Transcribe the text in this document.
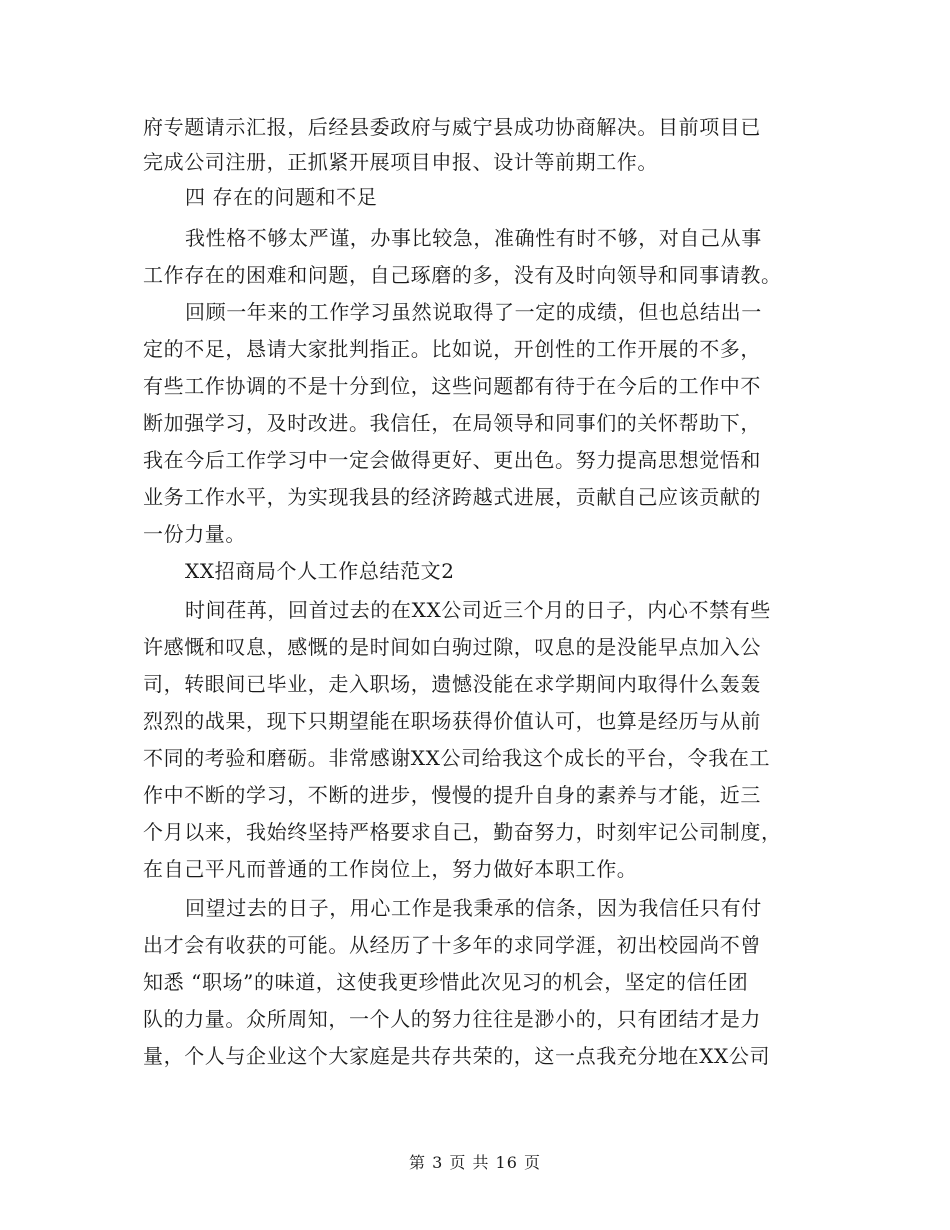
府专题请示汇报，后经县委政府与威宁县成功协商解决。目前项目已
完成公司注册，正抓紧开展项目申报、设计等前期工作。
四 存在的问题和不足
我性格不够太严谨，办事比较急，准确性有时不够，对自己从事
工作存在的困难和问题，自己琢磨的多，没有及时向领导和同事请教。
回顾一年来的工作学习虽然说取得了一定的成绩，但也总结出一
定的不足，恳请大家批判指正。比如说，开创性的工作开展的不多，
有些工作协调的不是十分到位，这些问题都有待于在今后的工作中不
断加强学习，及时改进。我信任，在局领导和同事们的关怀帮助下，
我在今后工作学习中一定会做得更好、更出色。努力提高思想觉悟和
业务工作水平，为实现我县的经济跨越式进展，贡献自己应该贡献的
一份力量。
XX招商局个人工作总结范文2
时间荏苒，回首过去的在XX公司近三个月的日子，内心不禁有些
许感慨和叹息，感慨的是时间如白驹过隙，叹息的是没能早点加入公
司，转眼间已毕业，走入职场，遗憾没能在求学期间内取得什么轰轰
烈烈的战果，现下只期望能在职场获得价值认可，也算是经历与从前
不同的考验和磨砺。非常感谢XX公司给我这个成长的平台，令我在工
作中不断的学习，不断的进步，慢慢的提升自身的素养与才能，近三
个月以来，我始终坚持严格要求自己，勤奋努力，时刻牢记公司制度，
在自己平凡而普通的工作岗位上，努力做好本职工作。
回望过去的日子，用心工作是我秉承的信条，因为我信任只有付
出才会有收获的可能。从经历了十多年的求同学涯，初出校园尚不曾
知悉 “职场”的味道，这使我更珍惜此次见习的机会，坚定的信任团
队的力量。众所周知，一个人的努力往往是渺小的，只有团结才是力
量，个人与企业这个大家庭是共存共荣的，这一点我充分地在XX公司
第 3 页 共 16 页
